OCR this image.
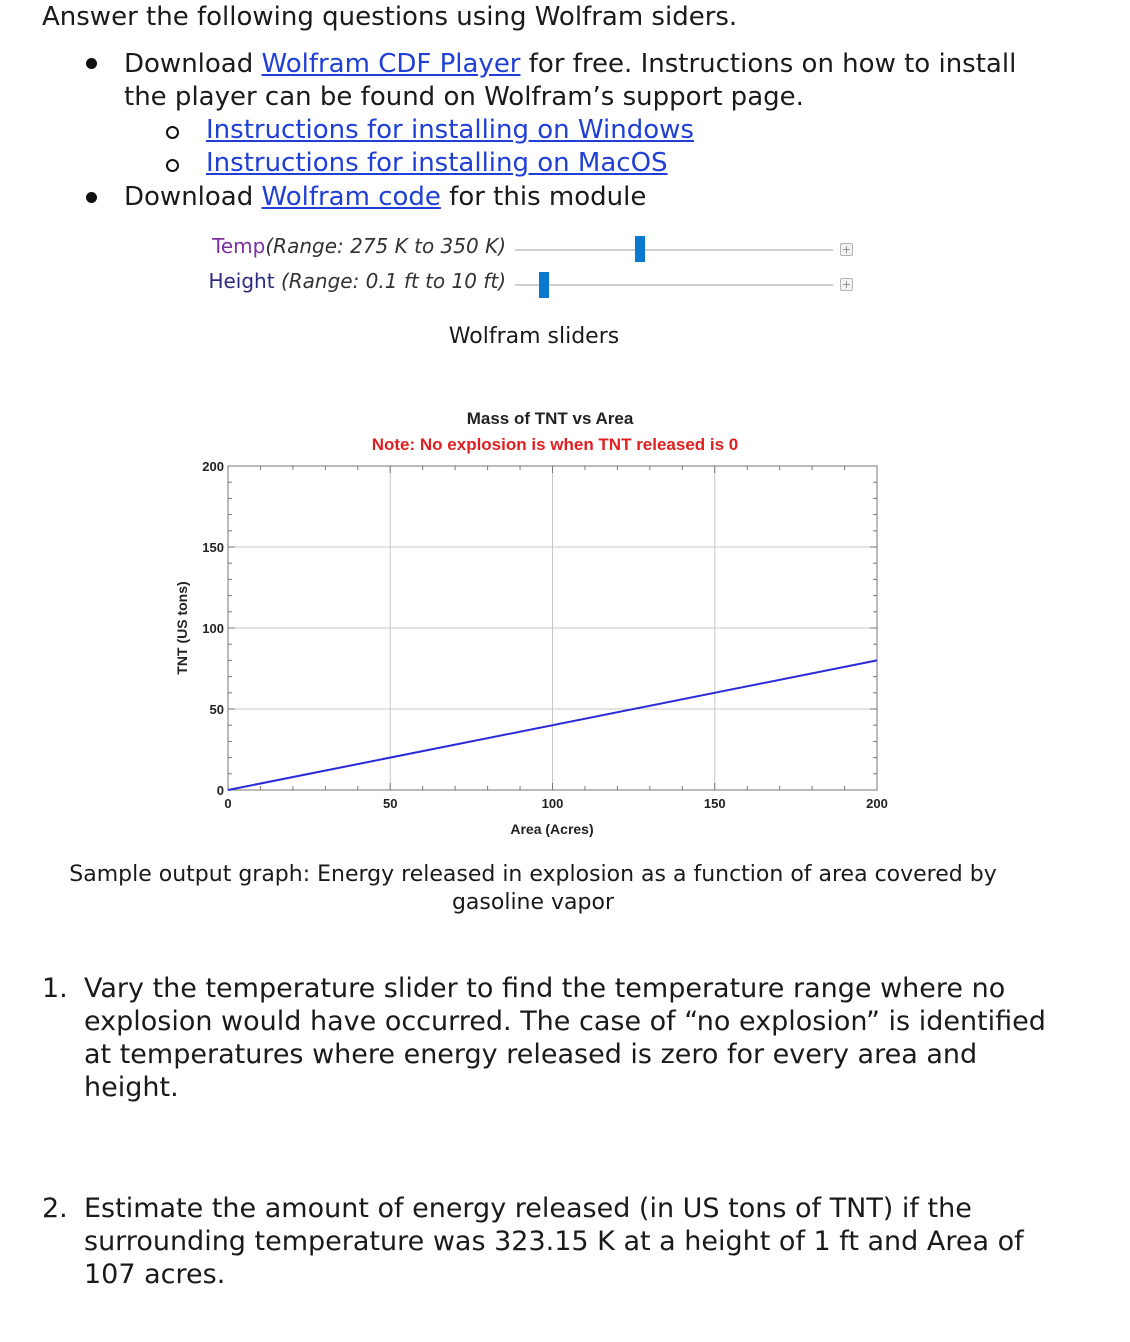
Answer the following questions using Wolfram siders.
Download Wolfram CDF Player for free. Instructions on how to install
the player can be found on Wolfram’s support page.
Instructions for installing on Windows
Instructions for installing on MacOS
Download Wolfram code for this module
Temp(Range: 275 K to 350 K)	+
Height (Range: 0.1 ft to 10 ft)	+
Wolfram sliders
Mass of TNT vs Area
Note: No explosion is when TNT released is 0
0	50	100	150	200
0
50
100
150
200
Area (Acres)
TNT (US tons)
Sample output graph: Energy released in explosion as a function of area covered by
gasoline vapor
1. Vary the temperature slider to find the temperature range where no
explosion would have occurred. The case of “no explosion” is identified
at temperatures where energy released is zero for every area and
height.
2. Estimate the amount of energy released (in US tons of TNT) if the
surrounding temperature was 323.15 K at a height of 1 ft and Area of
107 acres.
